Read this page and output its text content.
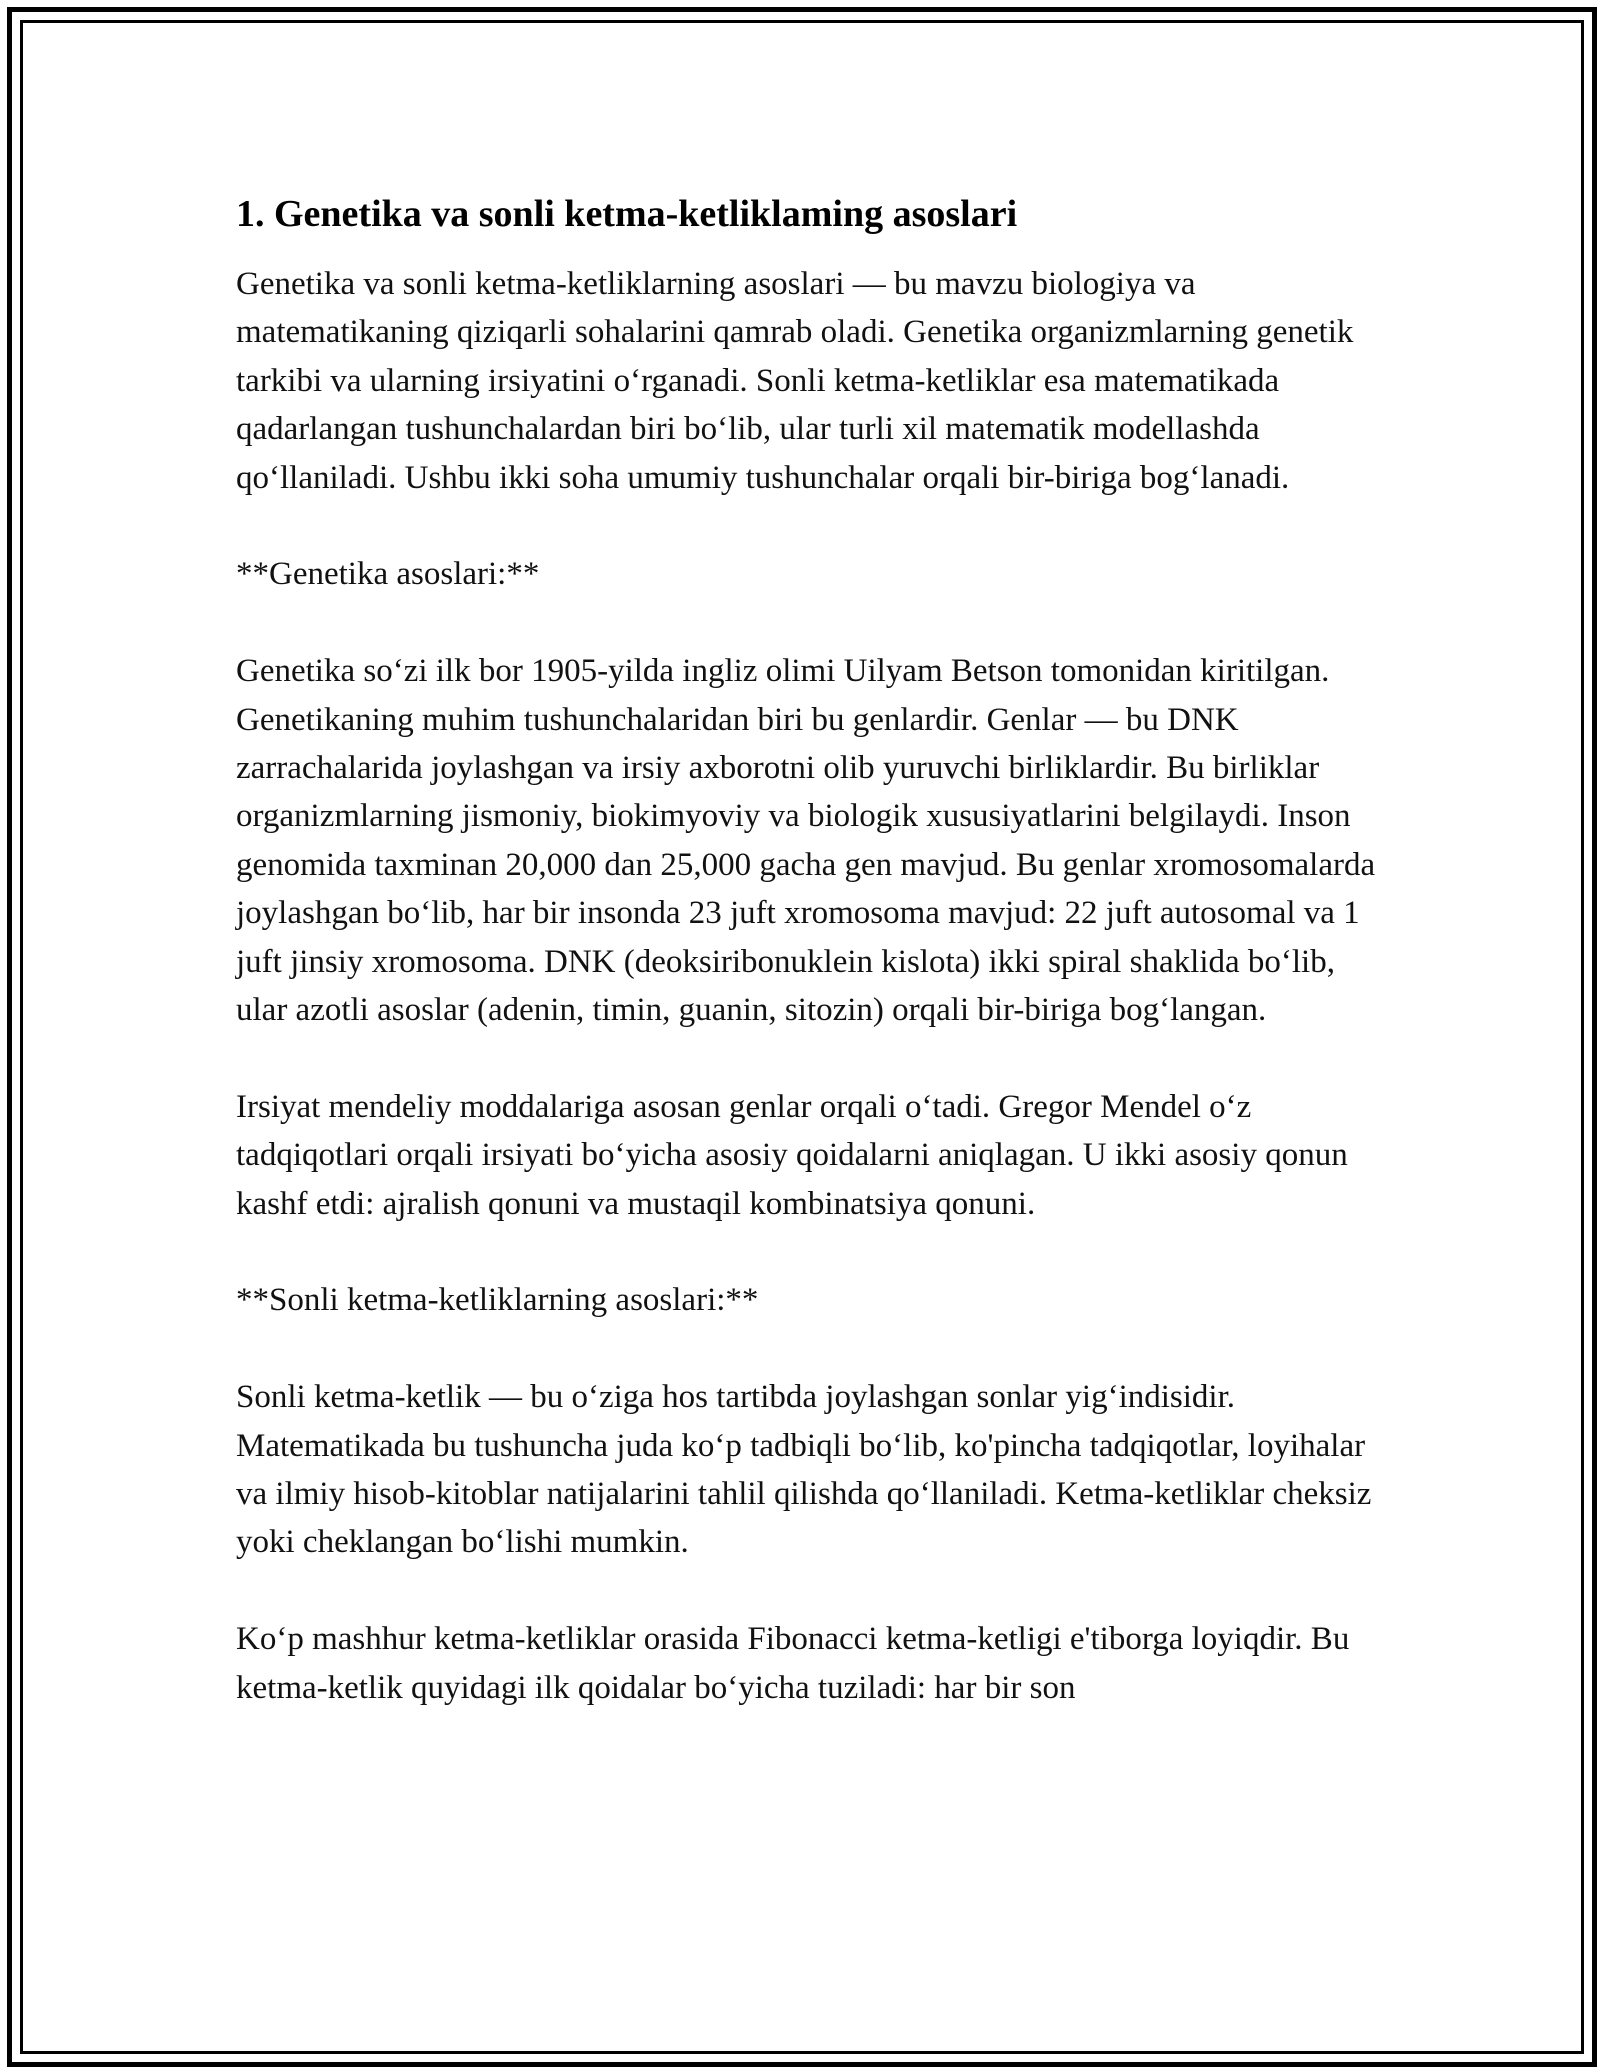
1. Genetika va sonli ketma-ketliklaming asoslari

Genetika va sonli ketma-ketliklarning asoslari — bu mavzu biologiya va matematikaning qiziqarli sohalarini qamrab oladi. Genetika organizmlarning genetik tarkibi va ularning irsiyatini o‘rganadi. Sonli ketma-ketliklar esa matematikada qadarlangan tushunchalardan biri bo‘lib, ular turli xil matematik modellashda qo‘llaniladi. Ushbu ikki soha umumiy tushunchalar orqali bir-biriga bog‘lanadi.

**Genetika asoslari:**

Genetika so‘zi ilk bor 1905-yilda ingliz olimi Uilyam Betson tomonidan kiritilgan. Genetikaning muhim tushunchalaridan biri bu genlardir. Genlar — bu DNK zarrachalarida joylashgan va irsiy axborotni olib yuruvchi birliklardir. Bu birliklar organizmlarning jismoniy, biokimyoviy va biologik xususiyatlarini belgilaydi. Inson genomida taxminan 20,000 dan 25,000 gacha gen mavjud. Bu genlar xromosomalarda joylashgan bo‘lib, har bir insonda 23 juft xromosoma mavjud: 22 juft autosomal va 1 juft jinsiy xromosoma. DNK (deoksiribonuklein kislota) ikki spiral shaklida bo‘lib, ular azotli asoslar (adenin, timin, guanin, sitozin) orqali bir-biriga bog‘langan.

Irsiyat mendeliy moddalariga asosan genlar orqali o‘tadi. Gregor Mendel o‘z tadqiqotlari orqali irsiyati bo‘yicha asosiy qoidalarni aniqlagan. U ikki asosiy qonun kashf etdi: ajralish qonuni va mustaqil kombinatsiya qonuni.

**Sonli ketma-ketliklarning asoslari:**

Sonli ketma-ketlik — bu o‘ziga hos tartibda joylashgan sonlar yig‘indisidir. Matematikada bu tushuncha juda ko‘p tadbiqli bo‘lib, ko'pincha tadqiqotlar, loyihalar va ilmiy hisob-kitoblar natijalarini tahlil qilishda qo‘llaniladi. Ketma-ketliklar cheksiz yoki cheklangan bo‘lishi mumkin.

Ko‘p mashhur ketma-ketliklar orasida Fibonacci ketma-ketligi e'tiborga loyiqdir. Bu ketma-ketlik quyidagi ilk qoidalar bo‘yicha tuziladi: har bir son
